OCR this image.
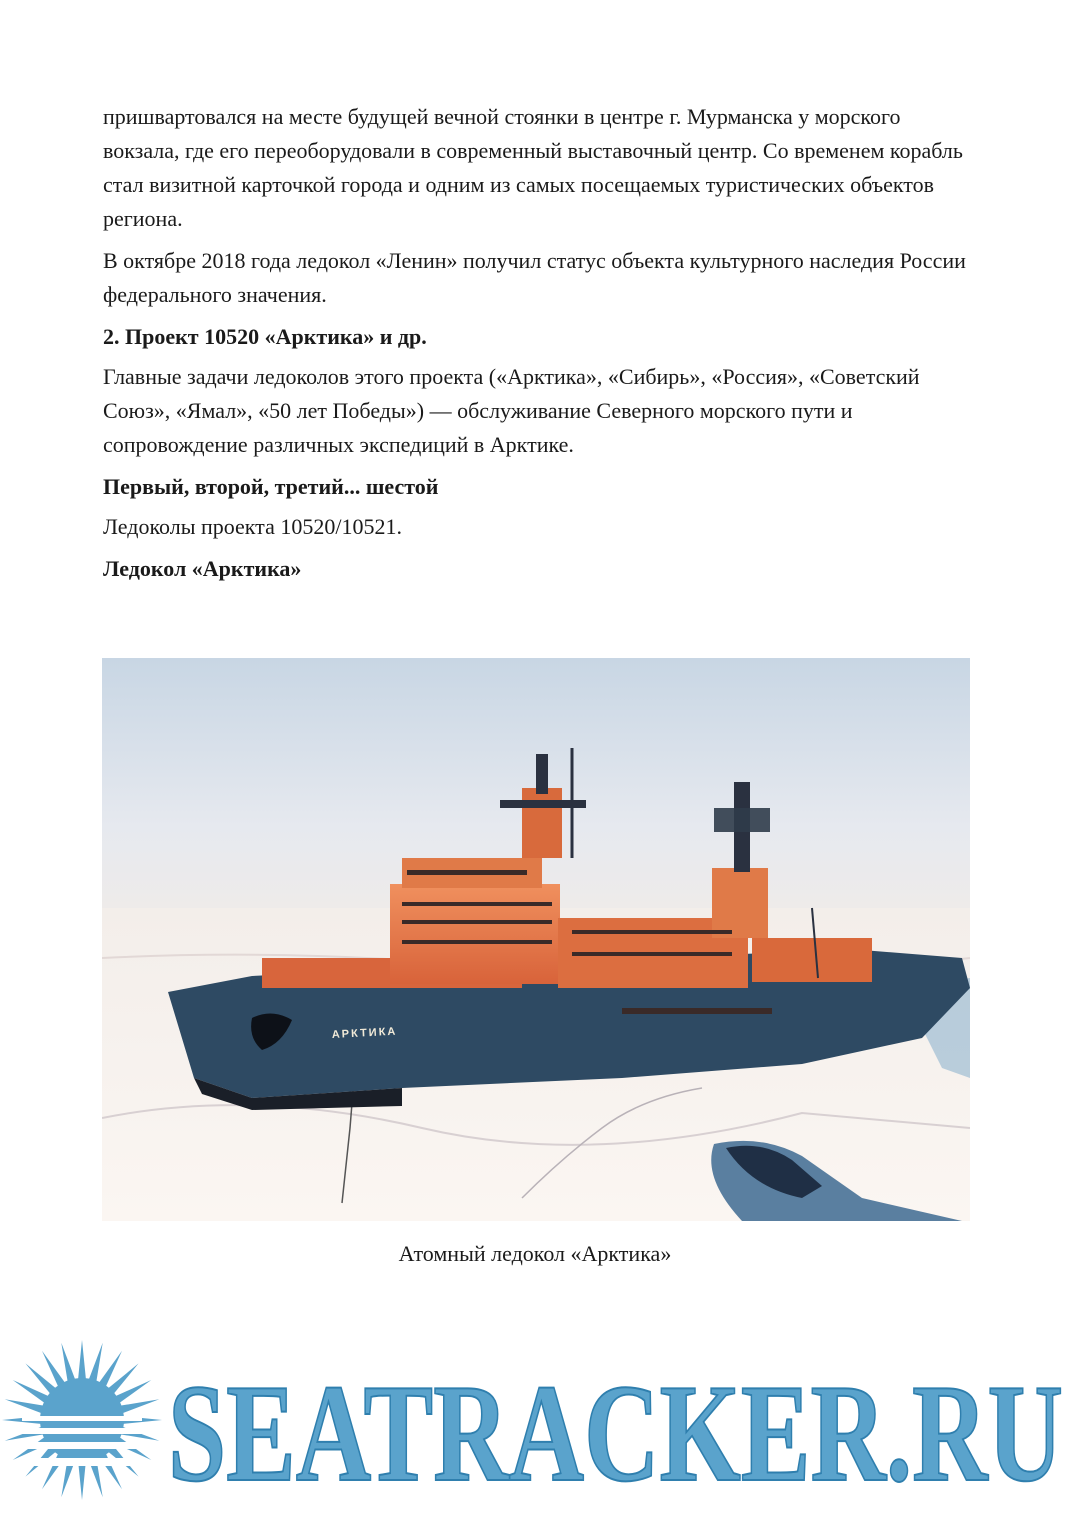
пришвартовался на месте будущей вечной стоянки в центре г. Мурманска у морского вокзала, где его переоборудовали в современный выставочный центр. Со временем корабль стал визитной карточкой города и одним из самых посещаемых туристических объектов региона.

В октябре 2018 года ледокол «Ленин» получил статус объекта культурного наследия России федерального значения.

2. Проект 10520 «Арктика» и др.

Главные задачи ледоколов этого проекта («Арктика», «Сибирь», «Россия», «Советский Союз», «Ямал», «50 лет Победы») — обслуживание Северного морского пути и сопровождение различных экспедиций в Арктике.

Первый, второй, третий... шестой

Ледоколы проекта 10520/10521.

Ледокол «Арктика»
АРКТИКА
Атомный ледокол «Арктика»
SEATRACKER.RU
